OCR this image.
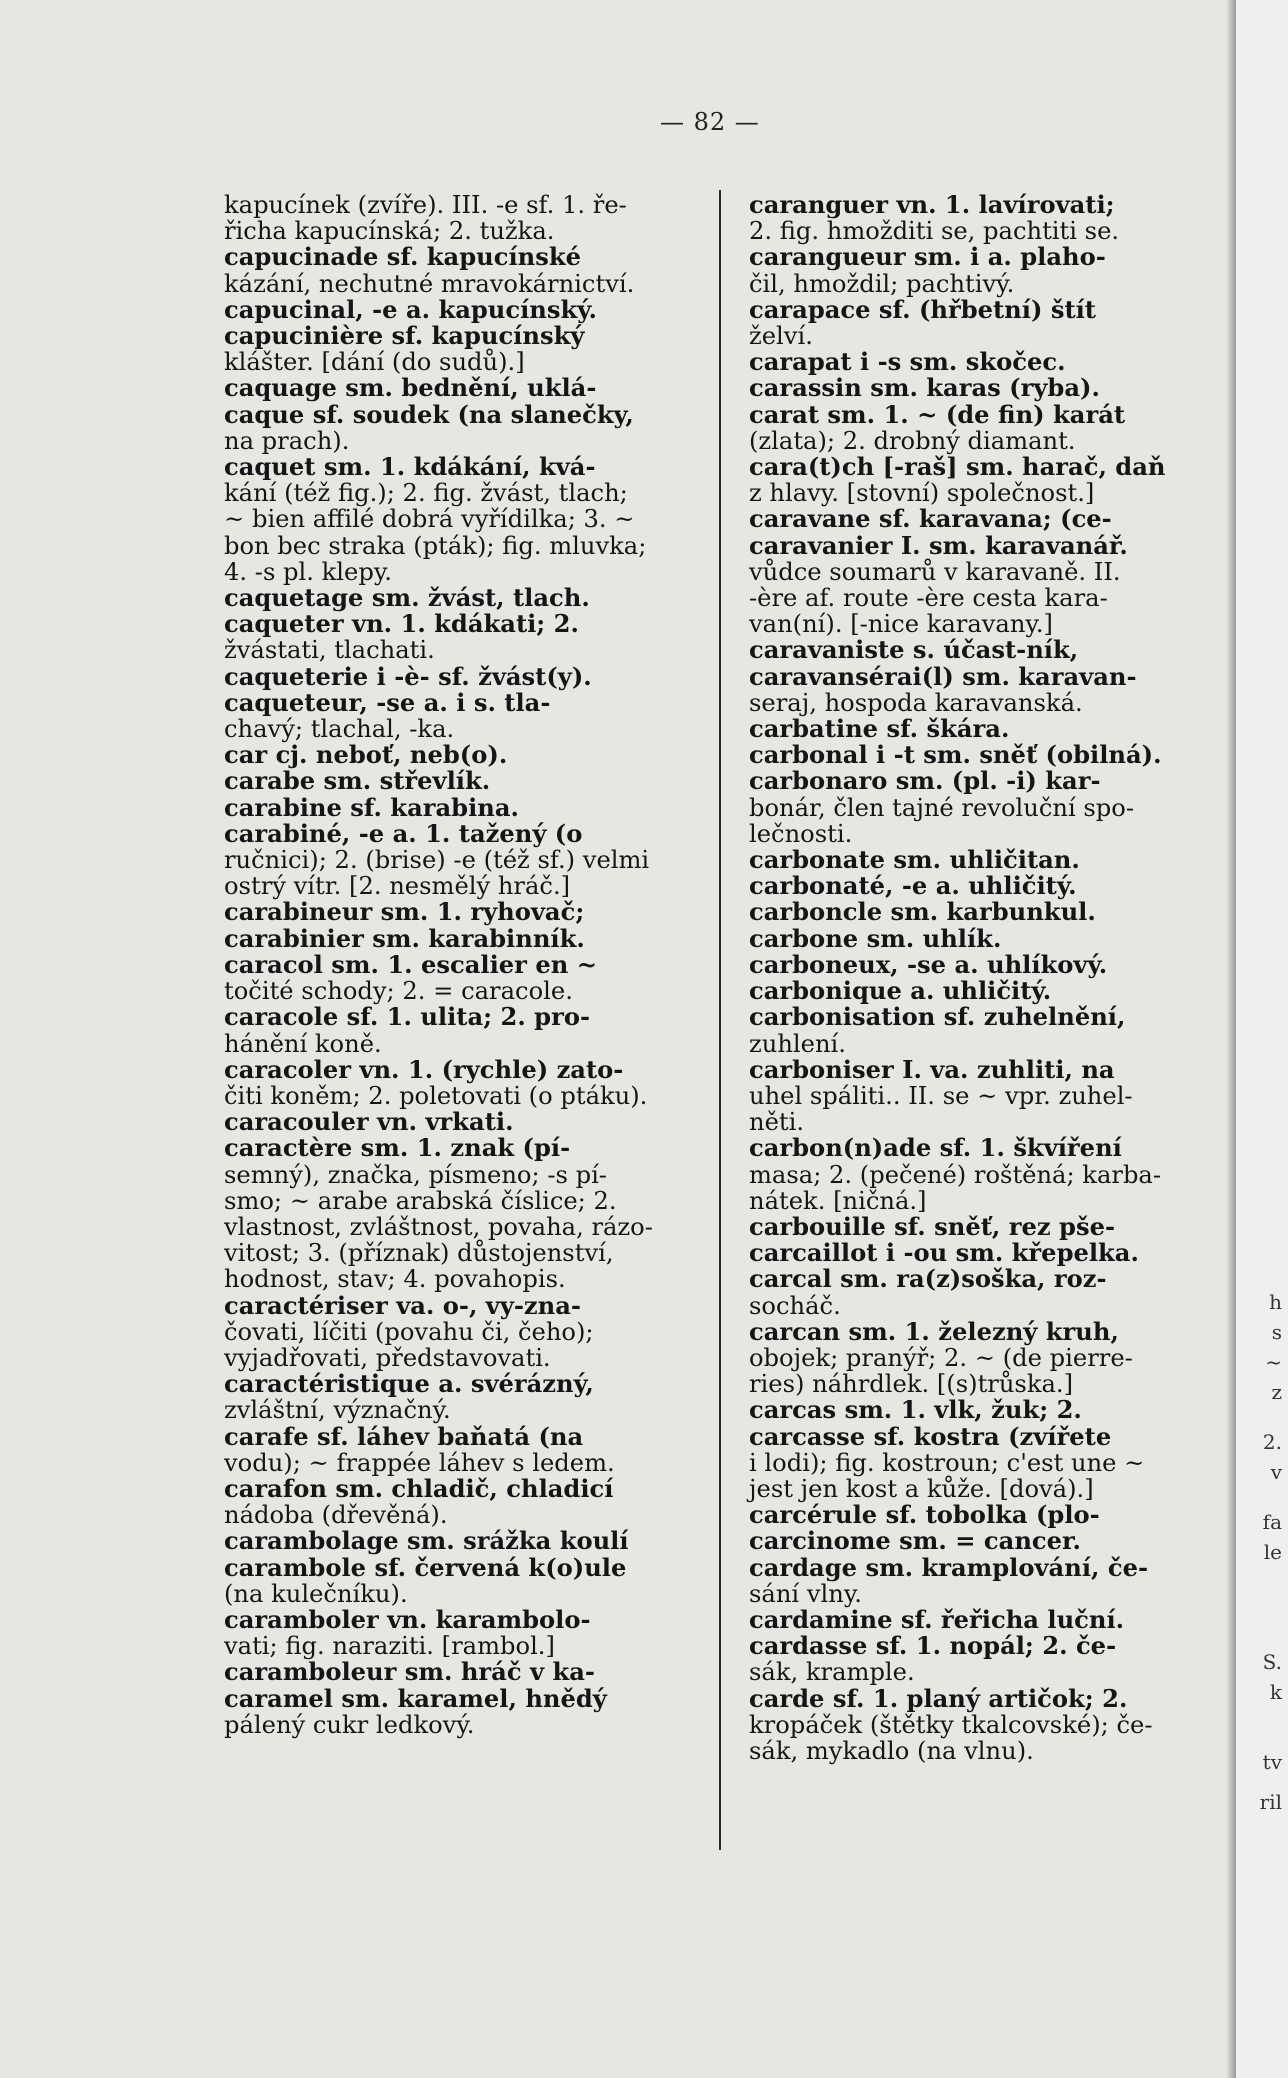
— 82 —

kapucínek (zvíře). III. -e sf. 1. ře-

řicha kapucínská; 2. tužka.

capucinade sf. kapucínské

kázání, nechutné mravokárnictví.

capucinal, -e a. kapucínský.

capucinière sf. kapucínský

klášter. [dání (do sudů).]

caquage sm. bednění, uklá-

caque sf. soudek (na slanečky,

na prach).

caquet sm. 1. kdákání, kvá-

kání (též fig.); 2. fig. žvást, tlach;

~ bien affilé dobrá vyřídilka; 3. ~

bon bec straka (pták); fig. mluvka;

4. -s pl. klepy.

caquetage sm. žvást, tlach.

caqueter vn. 1. kdákati; 2.

žvástati, tlachati.

caqueterie i -è- sf. žvást(y).

caqueteur, -se a. i s. tla-

chavý; tlachal, -ka.

car cj. neboť, neb(o).

carabe sm. střevlík.

carabine sf. karabina.

carabiné, -e a. 1. tažený (o

ručnici); 2. (brise) -e (též sf.) velmi

ostrý vítr. [2. nesmělý hráč.]

carabineur sm. 1. ryhovač;

carabinier sm. karabinník.

caracol sm. 1. escalier en ~

točité schody; 2. = caracole.

caracole sf. 1. ulita; 2. pro-

hánění koně.

caracoler vn. 1. (rychle) zato-

čiti koněm; 2. poletovati (o ptáku).

caracouler vn. vrkati.

caractère sm. 1. znak (pí-

semný), značka, písmeno; -s pí-

smo; ~ arabe arabská číslice; 2.

vlastnost, zvláštnost, povaha, rázo-

vitost; 3. (příznak) důstojenství,

hodnost, stav; 4. povahopis.

caractériser va. o-, vy-zna-

čovati, líčiti (povahu či, čeho);

vyjadřovati, představovati.

caractéristique a. svérázný,

zvláštní, význačný.

carafe sf. láhev baňatá (na

vodu); ~ frappée láhev s ledem.

carafon sm. chladič, chladicí

nádoba (dřevěná).

carambolage sm. srážka koulí

carambole sf. červená k(o)ule

(na kulečníku).

caramboler vn. karambolo-

vati; fig. naraziti. [rambol.]

caramboleur sm. hráč v ka-

caramel sm. karamel, hnědý

pálený cukr ledkový.

caranguer vn. 1. lavírovati;

2. fig. hmožditi se, pachtiti se.

carangueur sm. i a. plaho-

čil, hmoždil; pachtivý.

carapace sf. (hřbetní) štít

želví.

carapat i -s sm. skočec.

carassin sm. karas (ryba).

carat sm. 1. ~ (de fin) karát

(zlata); 2. drobný diamant.

cara(t)ch [-raš] sm. harač, daň

z hlavy. [stovní) společnost.]

caravane sf. karavana; (ce-

caravanier I. sm. karavanář.

vůdce soumarů v karavaně. II.

-ère af. route -ère cesta kara-

van(ní). [-nice karavany.]

caravaniste s. účast-ník,

caravansérai(l) sm. karavan-

seraj, hospoda karavanská.

carbatine sf. škára.

carbonal i -t sm. sněť (obilná).

carbonaro sm. (pl. -i) kar-

bonár, člen tajné revoluční spo-

lečnosti.

carbonate sm. uhličitan.

carbonaté, -e a. uhličitý.

carboncle sm. karbunkul.

carbone sm. uhlík.

carboneux, -se a. uhlíkový.

carbonique a. uhličitý.

carbonisation sf. zuhelnění,

zuhlení.

carboniser I. va. zuhliti, na

uhel spáliti.. II. se ~ vpr. zuhel-

něti.

carbon(n)ade sf. 1. škvíření

masa; 2. (pečené) roštěná; karba-

nátek. [ničná.]

carbouille sf. sněť, rez pše-

carcaillot i -ou sm. křepelka.

carcal sm. ra(z)soška, roz-

socháč.

carcan sm. 1. železný kruh,

obojek; pranýř; 2. ~ (de pierre-

ries) náhrdlek. [(s)trůska.]

carcas sm. 1. vlk, žuk; 2.

carcasse sf. kostra (zvířete

i lodi); fig. kostroun; c'est une ~

jest jen kost a kůže. [dová).]

carcérule sf. tobolka (plo-

carcinome sm. = cancer.

cardage sm. kramplování, če-

sání vlny.

cardamine sf. řeřicha luční.

cardasse sf. 1. nopál; 2. če-

sák, krample.

carde sf. 1. planý artičok; 2.

kropáček (štětky tkalcovské); če-

sák, mykadlo (na vlnu).

h
s
~
z
2.
v
fa
le
S.
k
tv
ril
